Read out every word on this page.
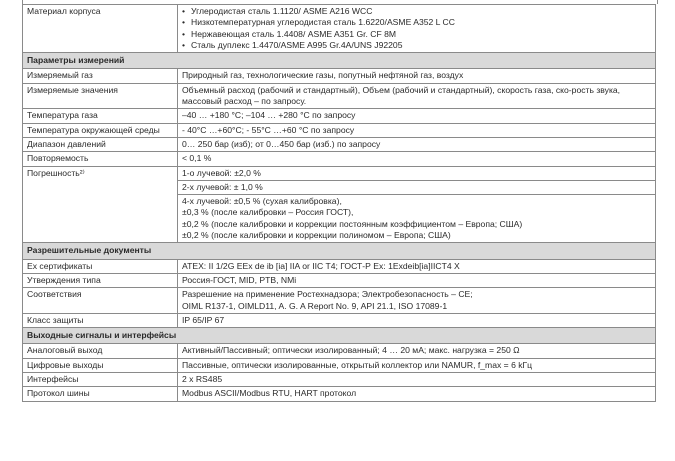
Материал корпуса	• Углеродистая сталь 1.1120/ ASME A216 WCC
• Низкотемпературная углеродистая сталь 1.6220/ASME A352 L CC
• Нержавеющая сталь 1.4408/ ASME A351 Gr. CF 8M
• Сталь дуплекс 1.4470/ASME A995 Gr.4A/UNS J92205

Параметры измерений	
Измеряемый газ	Природный газ, технологические газы, попутный нефтяной газ, воздух
Измеряемые значения	Объемный расход (рабочий и стандартный), Объем (рабочий и стандартный), скорость газа, ско-рость звука, массовый расход – по запросу.
Температура газа	–40 … +180 °C; –104 … +280 °C по запросу
Температура окружающей среды	- 40°C …+60°C; - 55°C …+60 °C по запросу
Диапазон давлений	0… 250 бар (изб); от 0…450 бар (изб.) по запросу
Повторяемость	< 0,1 %
Погрешность²⁾	1-о лучевой: ±2,0 %
	2-х лучевой: ± 1,0 %

	4-х лучевой: ±0,5 % (сухая калибровка),
±0,3 % (после калибровки – Россия ГОСТ),
±0,2 % (после калибровки и коррекции постоянным коэффициентом – Европа; США)
±0,2 % (после калибровки и коррекции полиномом – Европа; США)

Разрешительные документы	
Ex сертификаты	ATEX: II 1/2G EEx de ib [ia] IIA or IIC T4; ГОСТ-Р Ex: 1Exdeib[ia]IICT4 X
Утверждения типа	Россия-ГОСТ, MID, PTB, NMi
Соответствия	Разрешение на применение Ростехнадзора; Электробезопасность – CE;
OIML R137-1, OIMLD11, A. G. A Report No. 9, API 21.1, ISO 17089-1

Класс защиты	IP 65/IP 67
Выходные сигналы и интерфейсы	
Аналоговый выход	Активный/Пассивный; оптически изолированный; 4 … 20 мА; макс. нагрузка = 250 Ω
Цифровые выходы	Пассивные, оптически изолированные, открытый коллектор или NAMUR, f_max = 6 kГц
Интерфейсы	2 x RS485
Протокол шины	Modbus ASCII/Modbus RTU, HART протокол
